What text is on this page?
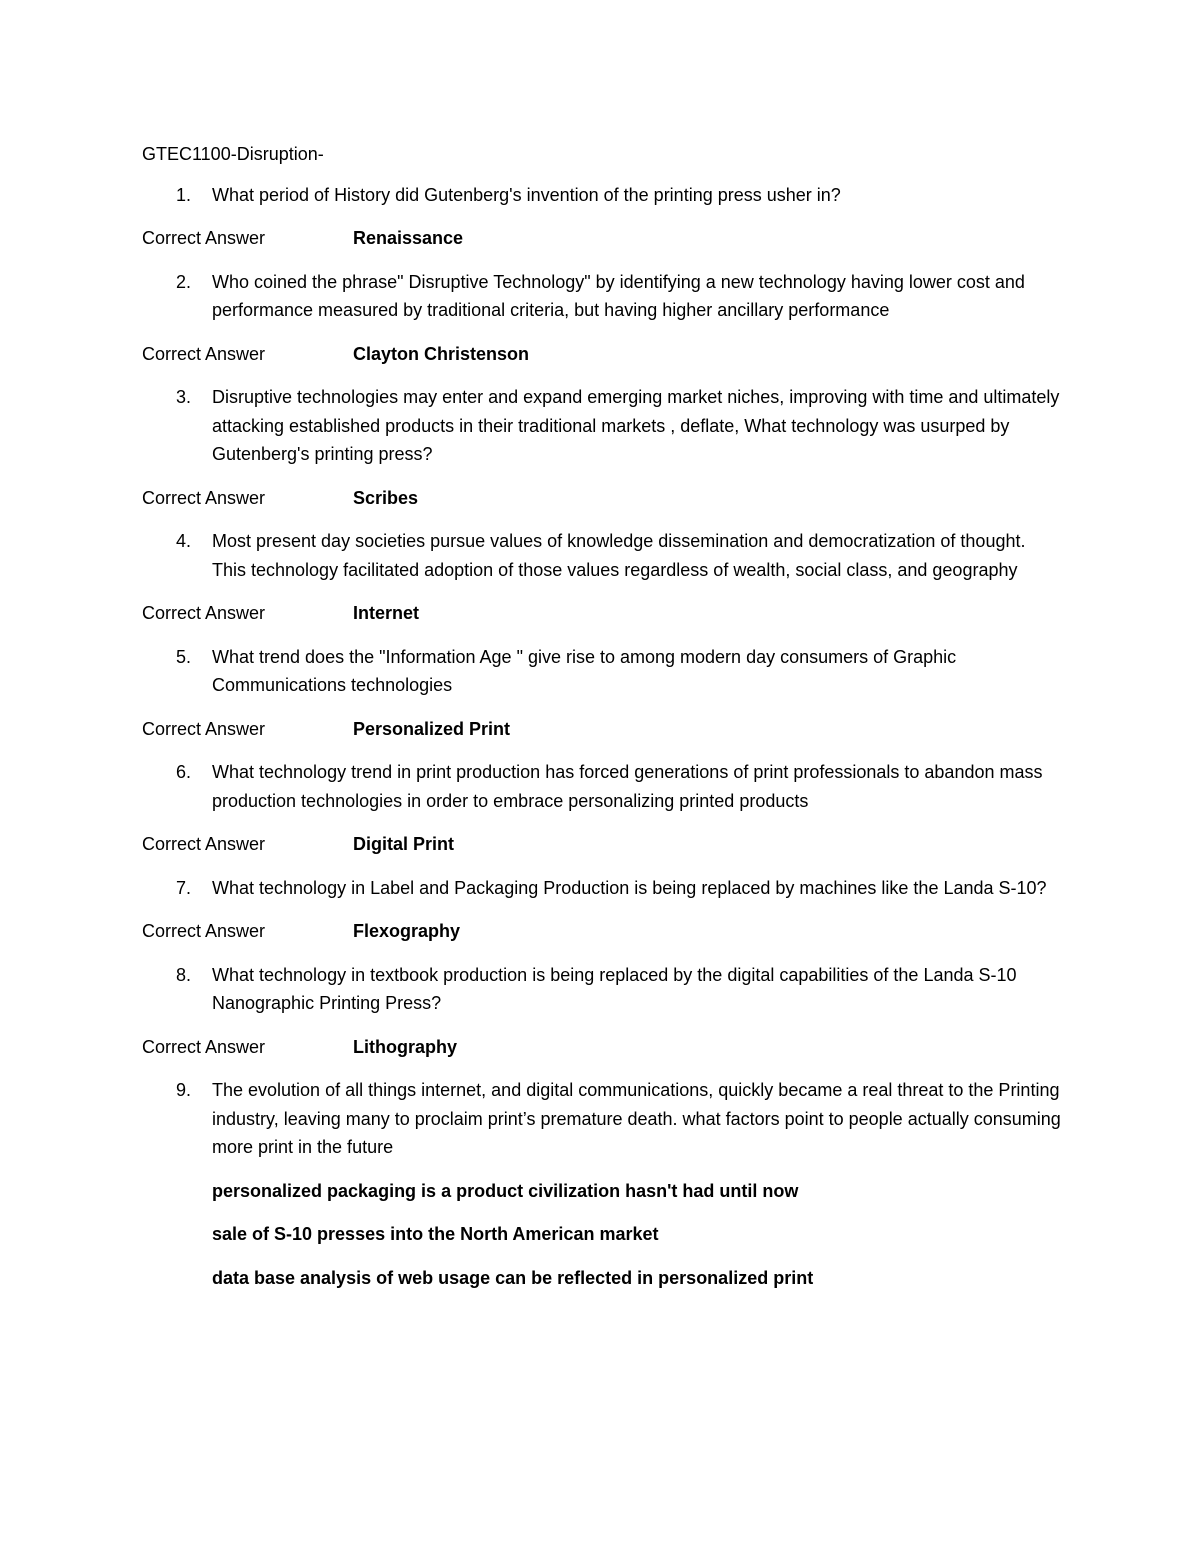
GTEC1100-Disruption-
1.	What period of History did Gutenberg's invention of the printing press usher in?
Correct Answer	Renaissance
2.	Who coined the phrase" Disruptive Technology" by identifying a new technology having lower cost and performance measured by traditional criteria, but having higher ancillary performance
Correct Answer	Clayton Christenson
3.	Disruptive technologies may enter and expand emerging market niches, improving with time and ultimately attacking established products in their traditional markets , deflate, What technology was usurped by Gutenberg's printing press?
Correct Answer	Scribes
4.	Most present day societies pursue values of knowledge dissemination and democratization of thought. This technology facilitated adoption of those values regardless of wealth, social class, and geography
Correct Answer	Internet
5.	What trend does the "Information Age " give rise to among modern day consumers of Graphic Communications technologies
Correct Answer	Personalized Print
6.	What technology trend in print production has forced generations of print professionals to abandon mass production technologies in order to embrace personalizing printed products
Correct Answer	Digital Print
7.	What technology in Label and Packaging Production is being replaced by machines like the Landa S-10?
Correct Answer	Flexography
8.	What technology in textbook production is being replaced by the digital capabilities of the Landa S-10 Nanographic Printing Press?
Correct Answer	Lithography
9.	The evolution of all things internet, and digital communications, quickly became a real threat to the Printing industry, leaving many to proclaim print’s premature death. what factors point to people actually consuming more print in the future
personalized packaging is a product civilization hasn't had until now
sale of S-10 presses into the North American market
data base analysis of web usage can be reflected in personalized print
